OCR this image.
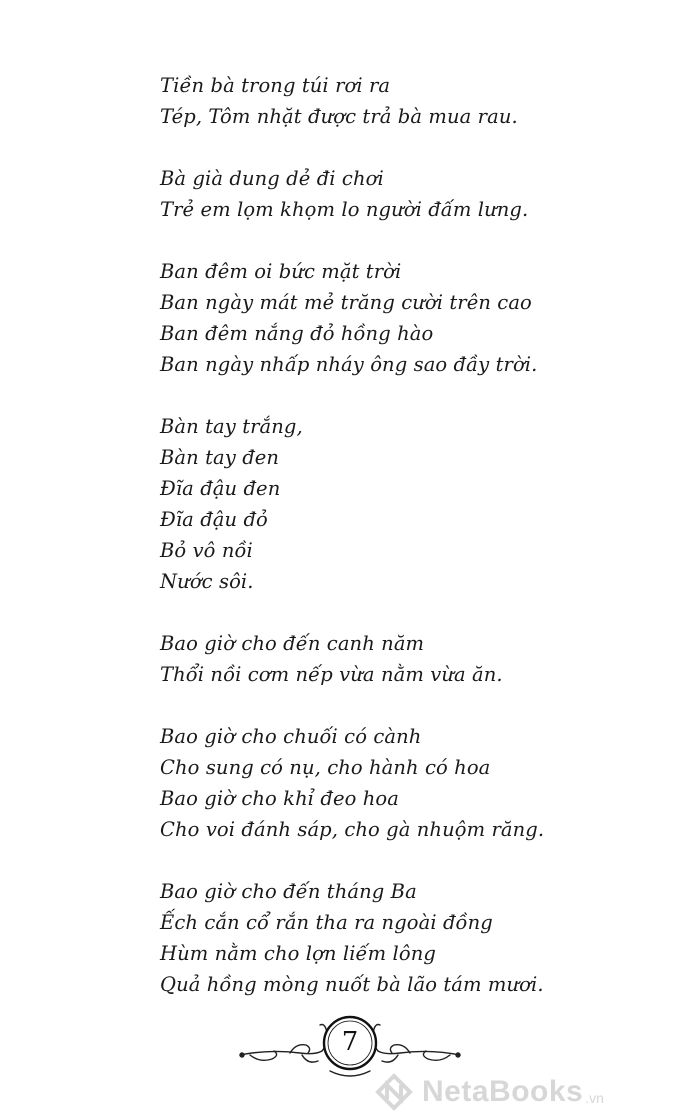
Tiền bà trong túi rơi ra
Tép, Tôm nhặt được trả bà mua rau.
Bà già dung dẻ đi chơi
Trẻ em lọm khọm lo người đấm lưng.
Ban đêm oi bức mặt trời
Ban ngày mát mẻ trăng cười trên cao
Ban đêm nắng đỏ hồng hào
Ban ngày nhấp nháy ông sao đầy trời.
Bàn tay trắng,
Bàn tay đen
Đĩa đậu đen
Đĩa đậu đỏ
Bỏ vô nồi
Nước sôi.
Bao giờ cho đến canh năm
Thổi nồi cơm nếp vừa nằm vừa ăn.
Bao giờ cho chuối có cành
Cho sung có nụ, cho hành có hoa
Bao giờ cho khỉ đeo hoa
Cho voi đánh sáp, cho gà nhuộm răng.
Bao giờ cho đến tháng Ba
Ếch cắn cổ rắn tha ra ngoài đồng
Hùm nằm cho lợn liếm lông
Quả hồng mòng nuốt bà lão tám mươi.
7
NetaBooks .vn
